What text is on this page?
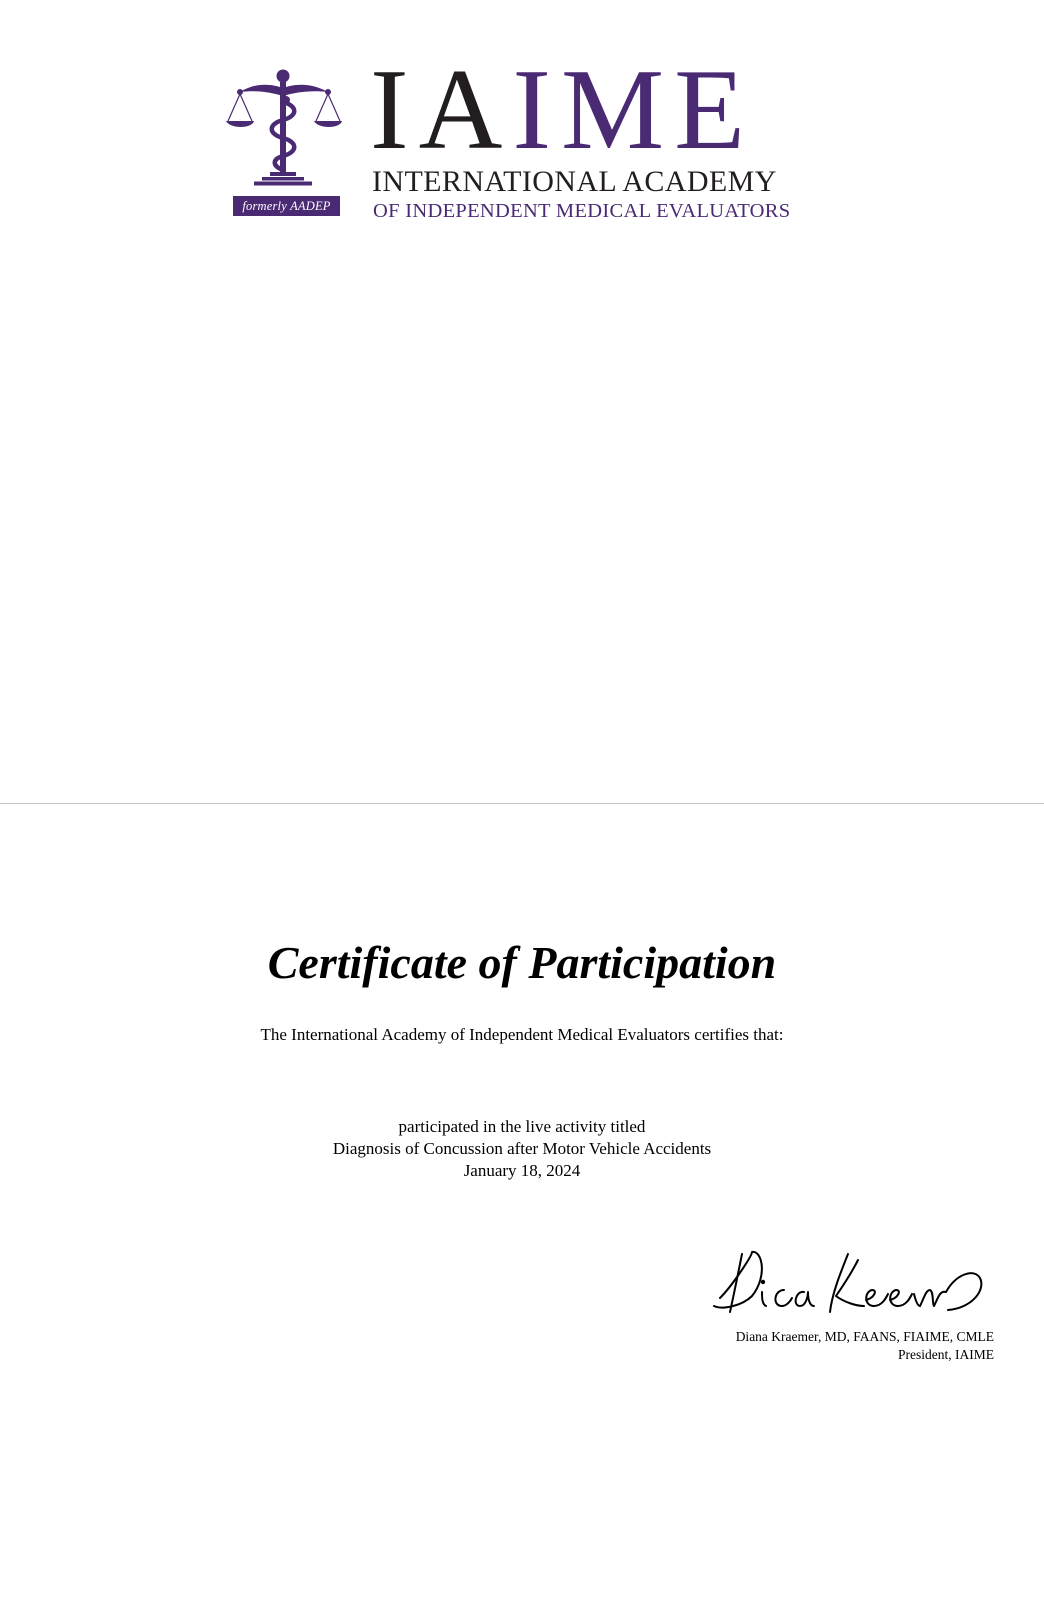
formerly AADEP
IAIME
INTERNATIONAL ACADEMY
OF INDEPENDENT MEDICAL EVALUATORS
Certificate of Participation
The International Academy of Independent Medical Evaluators certifies that:
participated in the live activity titled
Diagnosis of Concussion after Motor Vehicle Accidents
January 18, 2024
Diana Kraemer, MD, FAANS, FIAIME, CMLE
President, IAIME
